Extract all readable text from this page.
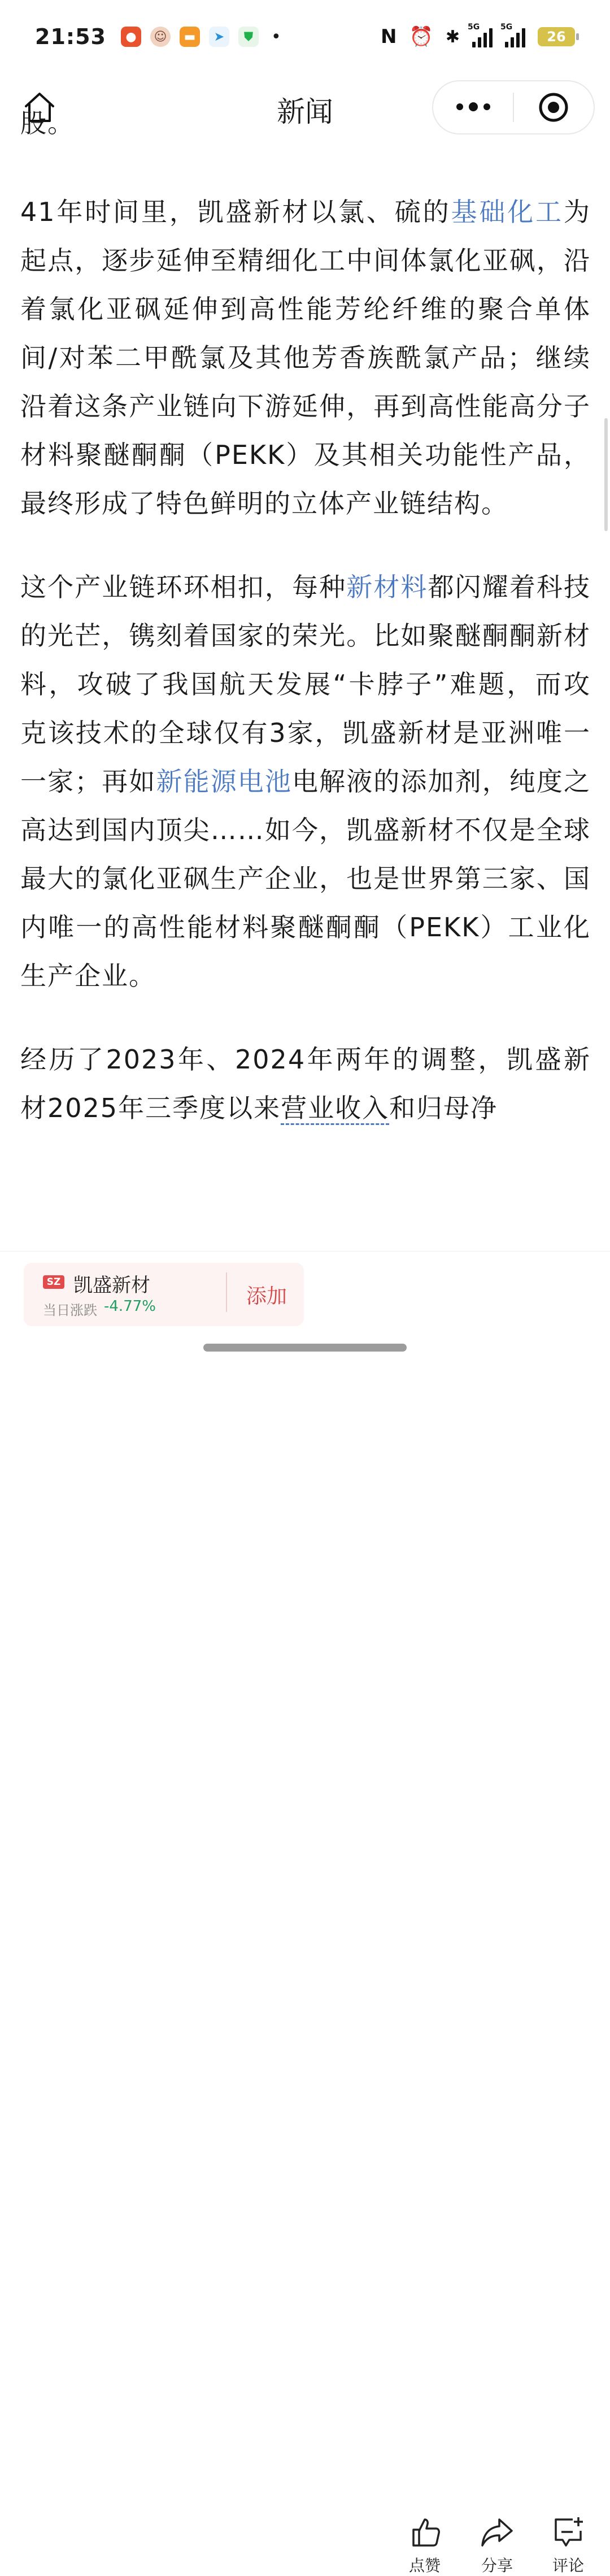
21:53	●	☺	▬	➤	⛊	•	N ⏰ ✱ 5G	5G
26
新闻
股。

41年时间里，凯盛新材以氯、硫的基础化工为起点，逐步延伸至精细化工中间体氯化亚砜，沿着氯化亚砜延伸到高性能芳纶纤维的聚合单体间/对苯二甲酰氯及其他芳香族酰氯产品；继续沿着这条产业链向下游延伸，再到高性能高分子材料聚醚酮酮（PEKK）及其相关功能性产品，最终形成了特色鲜明的立体产业链结构。

这个产业链环环相扣，每种新材料都闪耀着科技的光芒，镌刻着国家的荣光。比如聚醚酮酮新材料，攻破了我国航天发展“卡脖子”难题，而攻克该技术的全球仅有3家，凯盛新材是亚洲唯一一家；再如新能源电池电解液的添加剂，纯度之高达到国内顶尖……如今，凯盛新材不仅是全球最大的氯化亚砜生产企业，也是世界第三家、国内唯一的高性能材料聚醚酮酮（PEKK）工业化生产企业。

经历了2023年、2024年两年的调整，凯盛新材2025年三季度以来营业收入和归母净

SZ 凯盛新材
当日涨跌 -4.77%
点赞	分享	评论
添加
